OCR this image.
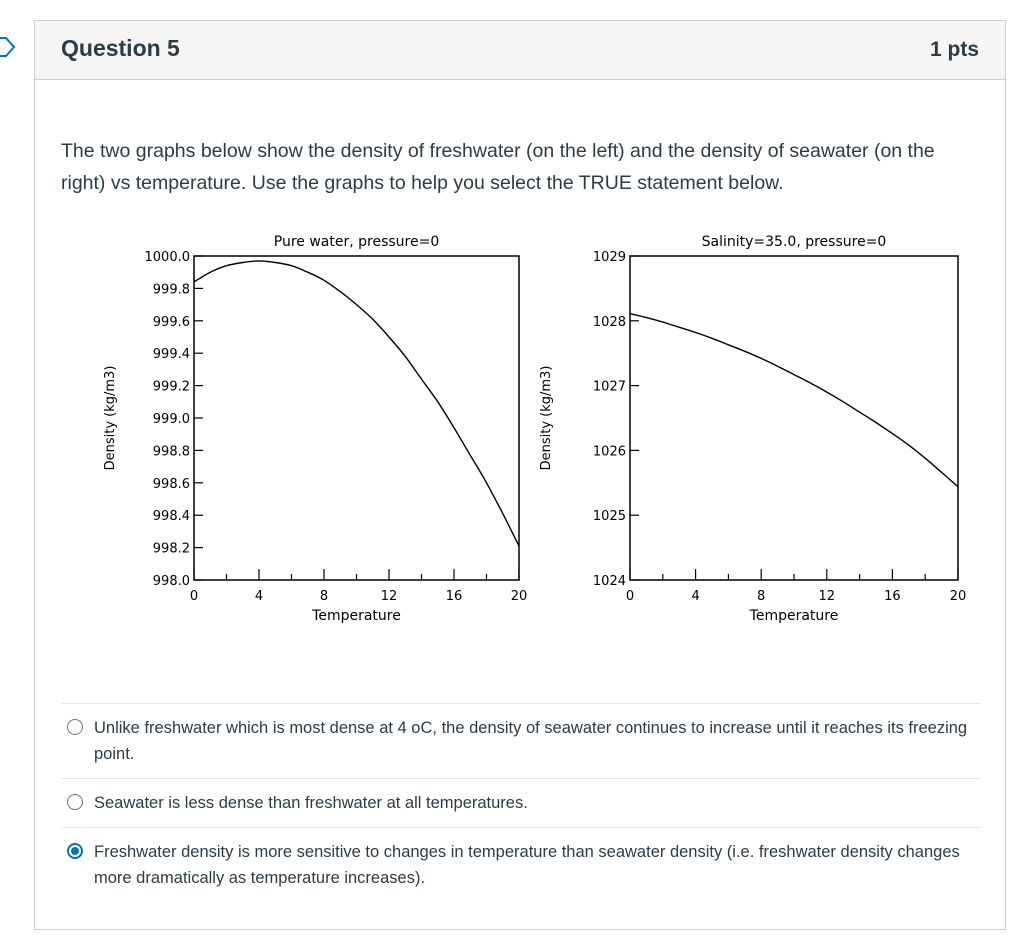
Question 5	1 pts
The two graphs below show the density of freshwater (on the left) and the density of seawater (on the right) vs temperature. Use the graphs to help you select the TRUE statement below.
Unlike freshwater which is most dense at 4 oC, the density of seawater continues to increase until it reaches its freezing point.
Seawater is less dense than freshwater at all temperatures.
Freshwater density is more sensitive to changes in temperature than seawater density (i.e. freshwater density changes more dramatically as temperature increases).
Pure water, pressure=0
998.0
998.2
998.4
998.6
998.8
999.0
999.2
999.4
999.6
999.8
1000.0
0	4	8	12	16	20
Temperature
Density (kg/m3)
Salinity=35.0, pressure=0
1024
1025
1026
1027
1028
1029
0	4	8	12	16	20
Temperature
Density (kg/m3)
